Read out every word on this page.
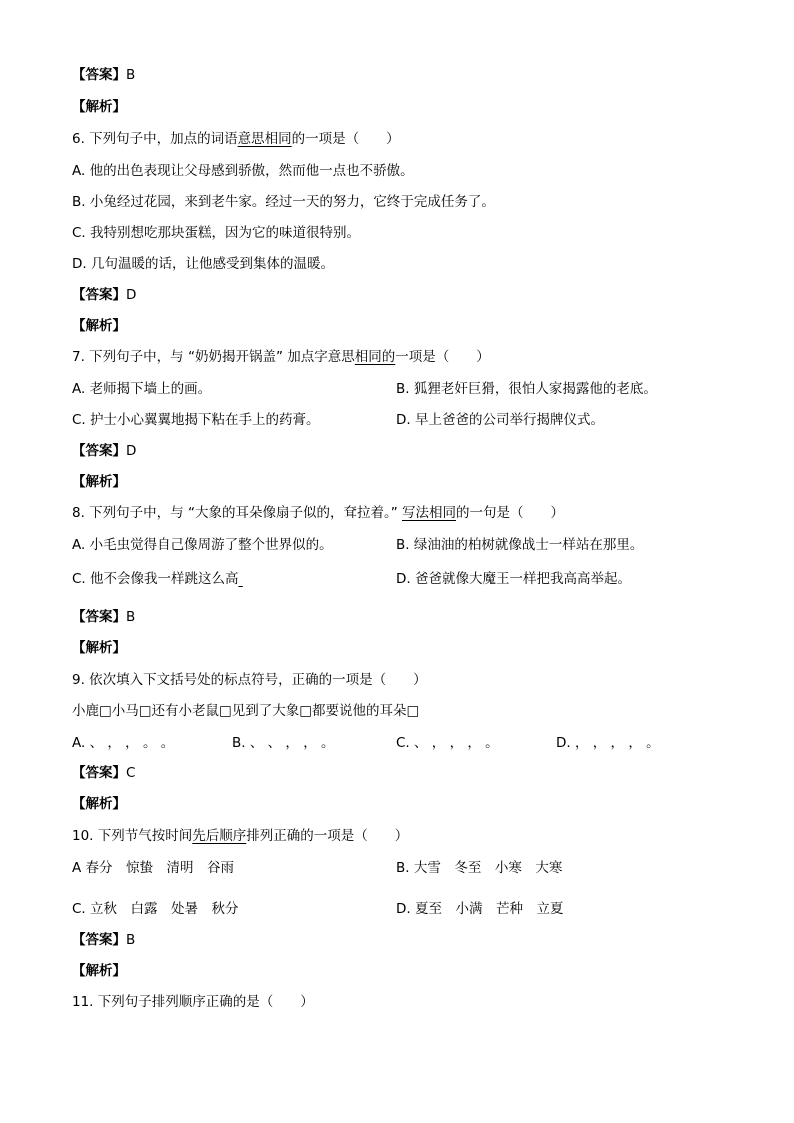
【答案】B
【解析】
6. 下列句子中，加点的词语意思相同的一项是（　　）
A. 他的出色表现让父母感到骄傲，然而他一点也不骄傲。
B. 小兔经过花园，来到老牛家。经过一天的努力，它终于完成任务了。
C. 我特别想吃那块蛋糕，因为它的味道很特别。
D. 几句温暖的话，让他感受到集体的温暖。
【答案】D
【解析】
7. 下列句子中，与 “奶奶揭开锅盖” 加点字意思相同的一项是（　　）
A. 老师揭下墙上的画。	B. 狐狸老奸巨猾，很怕人家揭露他的老底。
C. 护士小心翼翼地揭下粘在手上的药膏。	D. 早上爸爸的公司举行揭牌仪式。
【答案】D
【解析】
8. 下列句子中，与 “大象的耳朵像扇子似的，耷拉着。” 写法相同的一句是（　　）
A. 小毛虫觉得自己像周游了整个世界似的。	B. 绿油油的柏树就像战士一样站在那里。
C. 他不会像我一样跳这么高	D. 爸爸就像大魔王一样把我高高举起。
【答案】B
【解析】
9. 依次填入下文括号处的标点符号，正确的一项是（　　）
小鹿□小马□还有小老鼠□见到了大象□都要说他的耳朵□
A. 、 ， ， 。 。	B. 、 、 ， ， 。	C. 、 ， ， ， 。	D. ， ， ， ， 。
【答案】C
【解析】
10. 下列节气按时间先后顺序排列正确的一项是（　　）
A 春分　惊蛰　清明　谷雨	B. 大雪　冬至　小寒　大寒
C. 立秋　白露　处暑　秋分	D. 夏至　小满　芒种　立夏
【答案】B
【解析】
11. 下列句子排列顺序正确的是（　　）
